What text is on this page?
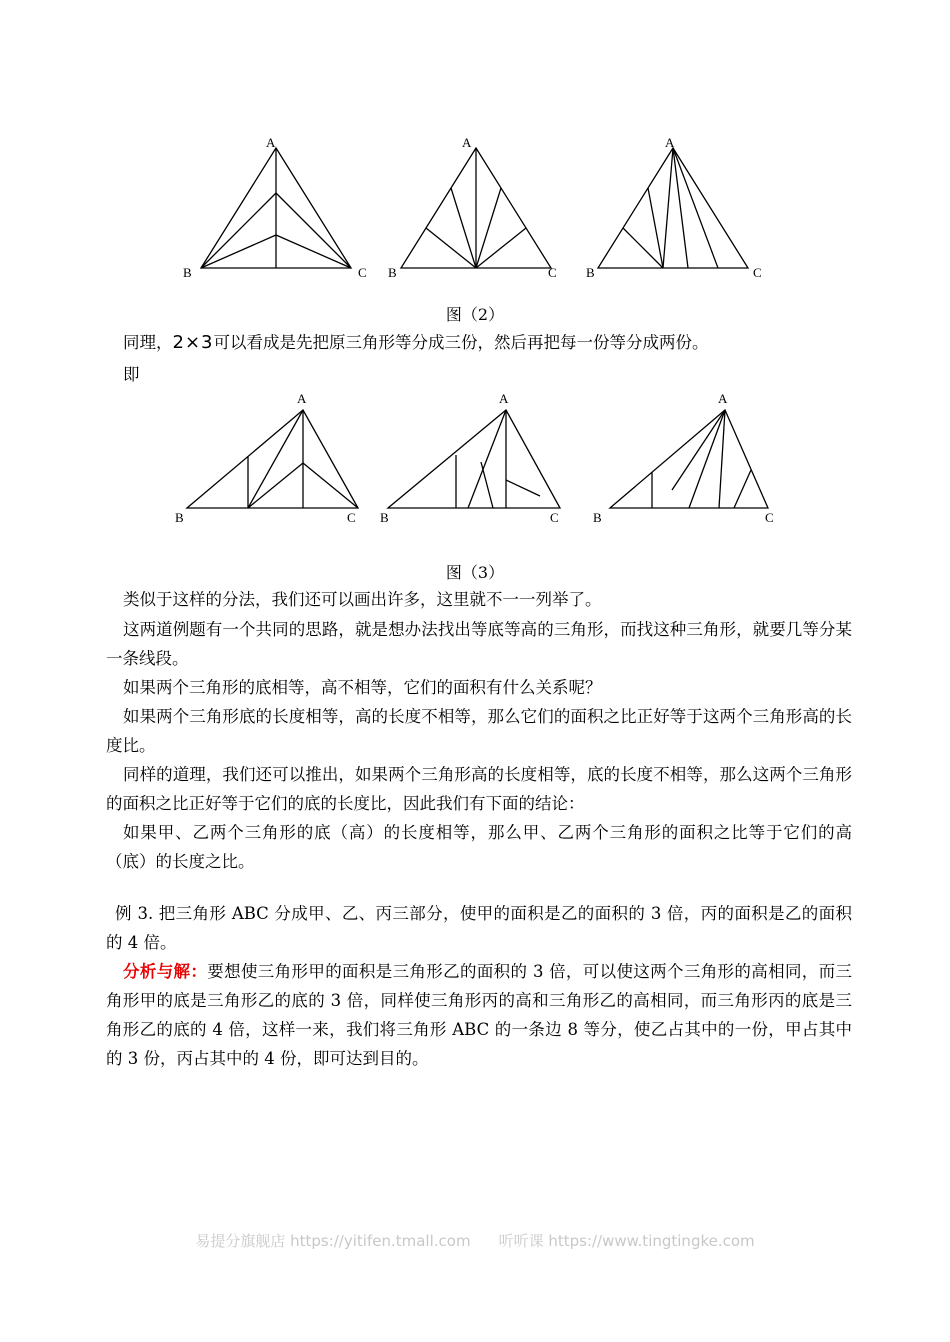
A
B	C
A
B	C
A
B	C
图（2）

同理，2×3可以看成是先把原三角形等分成三份，然后再把每一份等分成两份。

即

A
B	C
A
B	C
A
B	C
图（3）

类似于这样的分法，我们还可以画出许多，这里就不一一列举了。

这两道例题有一个共同的思路，就是想办法找出等底等高的三角形，而找这种三角形，就要几等分某一条线段。

如果两个三角形的底相等，高不相等，它们的面积有什么关系呢？

如果两个三角形底的长度相等，高的长度不相等，那么它们的面积之比正好等于这两个三角形高的长度比。

同样的道理，我们还可以推出，如果两个三角形高的长度相等，底的长度不相等，那么这两个三角形的面积之比正好等于它们的底的长度比，因此我们有下面的结论：

如果甲、乙两个三角形的底（高）的长度相等，那么甲、乙两个三角形的面积之比等于它们的高（底）的长度之比。

例 3. 把三角形 ABC 分成甲、乙、丙三部分，使甲的面积是乙的面积的 3 倍，丙的面积是乙的面积的 4 倍。

分析与解：要想使三角形甲的面积是三角形乙的面积的 3 倍，可以使这两个三角形的高相同，而三角形甲的底是三角形乙的底的 3 倍，同样使三角形丙的高和三角形乙的高相同，而三角形丙的底是三角形乙的底的 4 倍，这样一来，我们将三角形 ABC 的一条边 8 等分，使乙占其中的一份，甲占其中的 3 份，丙占其中的 4 份，即可达到目的。

易提分旗舰店 https://yitifen.tmall.com 听听课 https://www.tingtingke.com
